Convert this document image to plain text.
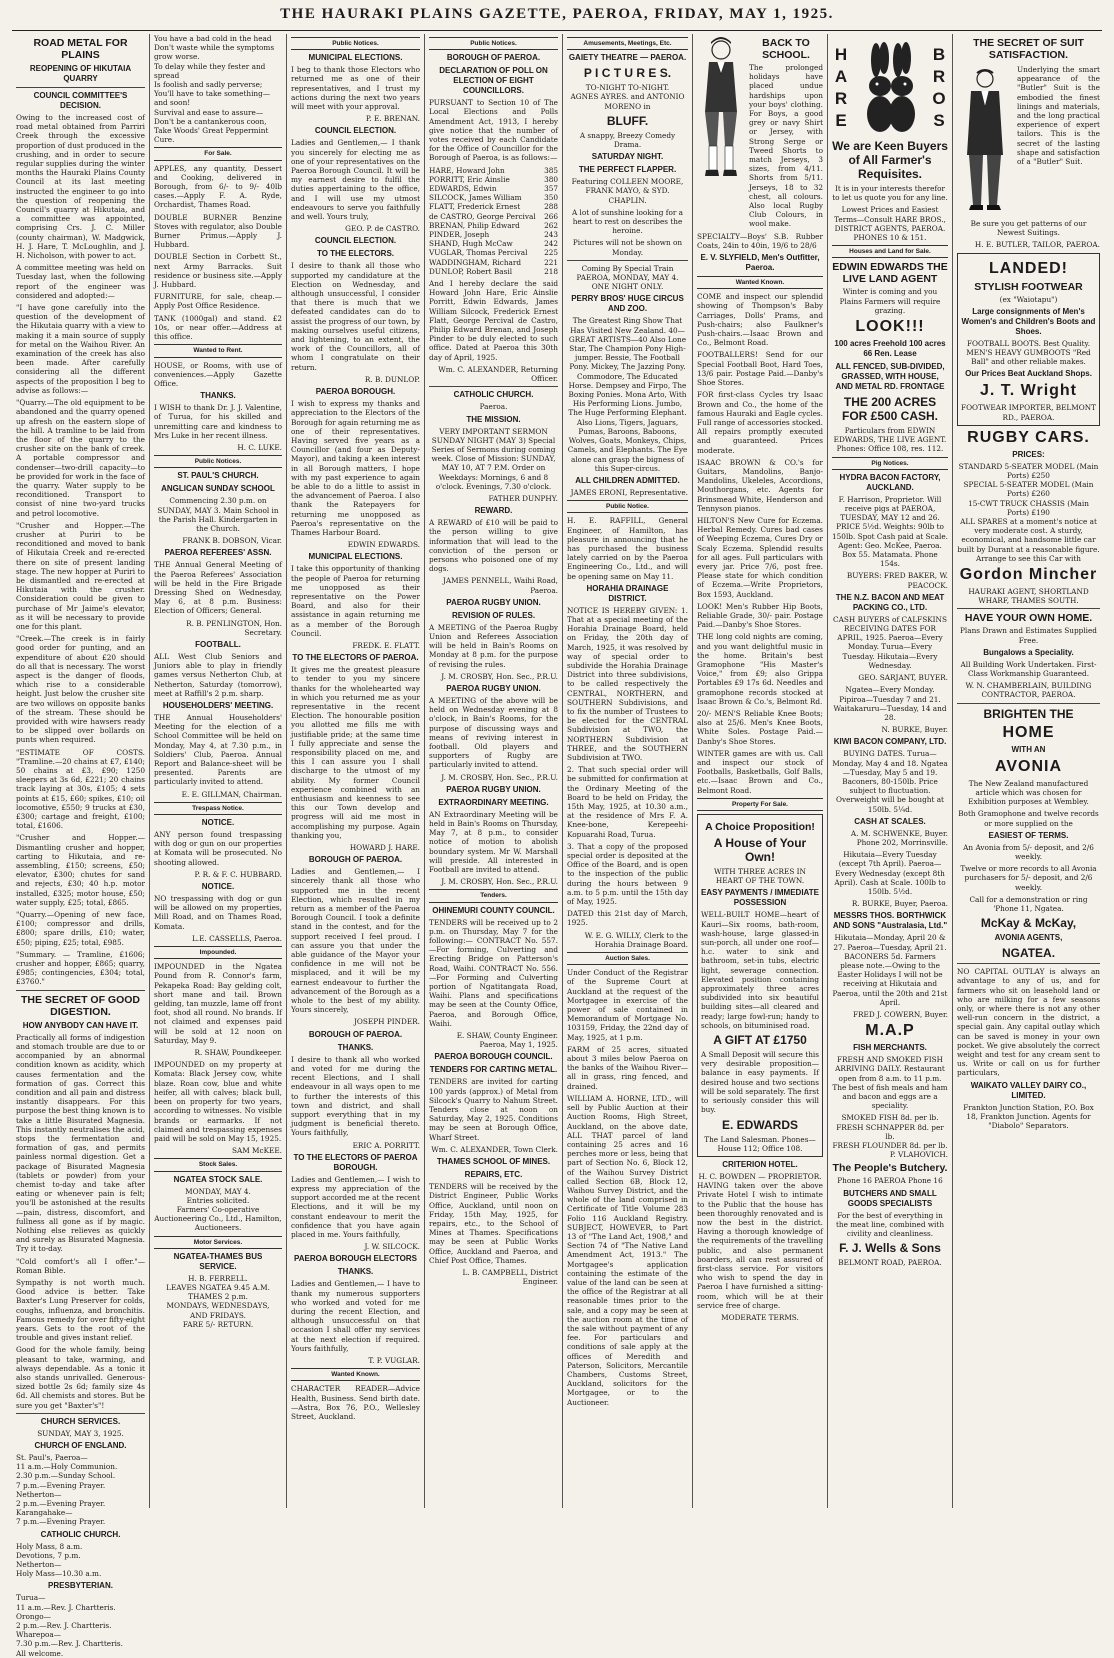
THE HAURAKI PLAINS GAZETTE, PAEROA, FRIDAY, MAY 1, 1925.
ROAD METAL FOR PLAINS
REOPENING OF HIKUTAIA QUARRY
COUNCIL COMMITTEE'S DECISION.

Owing to the increased cost of road metal obtained from Parriri Creek through the excessive proportion of dust produced in the crushing, and in order to secure regular supplies during the winter months the Hauraki Plains County Council at its last meeting instructed the engineer to go into the question of reopening the Council's quarry at Hikutaia, and a committee was appointed, comprising Crs. J. C. Miller (county chairman), W. Madgwick, H. J. Hare, T. McLoughlin, and J. H. Nicholson, with power to act.

A committee meeting was held on Tuesday last, when the following report of the engineer was considered and adopted:—

"I have gone carefully into the question of the development of the Hikutaia quarry with a view to making it a main source of supply for metal on the Waihou River. An examination of the creek has also been made. After carefully considering all the different aspects of the proposition I beg to advise as follows:—

"Quarry.—The old equipment to be abandoned and the quarry opened up afresh on the eastern slope of the hill. A tramline to be laid from the floor of the quarry to the crusher site on the bank of creek. A portable compressor and condenser—two-drill capacity—to be provided for work in the face of the quarry. Water supply to be reconditioned. Transport to consist of nine two-yard trucks and petrol locomotive.

"Crusher and Hopper.—The crusher at Puriri to be reconditioned and moved to bank of Hikutaia Creek and re-erected there on site of present landing stage. The new hopper at Puriri to be dismantled and re-erected at Hikutaia with the crusher. Consideration could be given to purchase of Mr Jaime's elevator, as it will be necessary to provide one for this plant.

"Creek.—The creek is in fairly good order for punting, and an expenditure of about £20 should do all that is necessary. The worst aspect is the danger of floods, which rise to a considerable height. Just below the crusher site are two willows on opposite banks of the stream. These should be provided with wire hawsers ready to be slipped over bollards on punts when required.

"ESTIMATE OF COSTS. "Tramline.—20 chains at £7, £140; 50 chains at £3, £90; 1250 sleepers at 3s 6d, £221; 20 chains track laying at 30s, £105; 4 sets points at £15, £60; spikes, £10; oil locomotive, £550; 9 trucks at £30, £300; cartage and freight, £100; total, £1606.

"Crusher and Hopper.—Dismantling crusher and hopper, carting to Hikutaia, and re-assembling, £150; screens, £50; elevator, £300; chutes for sand and rejects, £30; 40 h.p. motor installed, £325; motor house, £50; water supply, £25; total, £865.

"Quarry.—Opening of new face, £100; compressor and drills, £800; spare drills, £10; water, £50; piping, £25; total, £985.

"Summary. — Tramline, £1606; crusher and hopper, £865; quarry, £985; contingencies, £304; total, £3760."

THE SECRET OF GOOD DIGESTION.
HOW ANYBODY CAN HAVE IT.

Practically all forms of indigestion and stomach trouble are due to or accompanied by an abnormal condition known as acidity, which causes fermentation and the formation of gas. Correct this condition and all pain and distress instantly disappears. For this purpose the best thing known is to take a little Bisurated Magnesia. This instantly neutralises the acid, stops the fermentation and formation of gas, and permits painless normal digestion. Get a package of Bisurated Magnesia (tablets or powder) from your chemist to-day and take after eating or whenever pain is felt; you'll be astonished at the results—pain, distress, discomfort, and fullness all gone as if by magic. Nothing else relieves as quickly and surely as Bisurated Magnesia. Try it to-day.

"Cold comfort's all I offer."—Roman Bible.

Sympathy is not worth much. Good advice is better. Take Baxter's Lung Preserver for colds, coughs, influenza, and bronchitis. Famous remedy for over fifty-eight years. Gets to the root of the trouble and gives instant relief.

Good for the whole family, being pleasant to take, warming, and always dependable. As a tonic it also stands unrivalled. Generous-sized bottle 2s 6d; family size 4s 6d. All chemists and stores. But be sure you get "Baxter's"!

CHURCH SERVICES.
SUNDAY, MAY 3, 1925.
CHURCH OF ENGLAND.
St. Paul's, Paeroa—
11 a.m.—Holy Communion.
2.30 p.m.—Sunday School.
7 p.m.—Evening Prayer.
Netherton—
2 p.m.—Evening Prayer.
Karangahake—
7 p.m.—Evening Prayer.
CATHOLIC CHURCH.
Holy Mass, 8 a.m.
Devotions, 7 p.m.
Netherton—
Holy Mass—10.30 a.m.
PRESBYTERIAN.
Turua—
11 a.m.—Rev. J. Chartteris.
Orongo—
2 p.m.—Rev. J. Chartteris.
Wharepoa—
7.30 p.m.—Rev. J. Chartteris.
All welcome.
You have a bad cold in the head
Don't waste while the symptoms grow worse.
To delay while they fester and spread
Is foolish and sadly perverse;
You'll have to take something—and soon!
Survival and ease to assure—
Don't be a cantankerous coon,
Take Woods' Great Peppermint Cure.
For Sale.

APPLES, any quantity, Dessert and Cooking, delivered in Borough, from 6/- to 9/- 40lb cases.—Apply F. A. Ryde, Orchardist, Thames Road.

DOUBLE BURNER Benzine Stoves with regulator, also Double Burner Primus.—Apply J. Hubbard.

DOUBLE Section in Corbett St., next Army Barracks. Suit residence or business site.—Apply J. Hubbard.

FURNITURE, for sale, cheap.—Apply Post Office Residence.

TANK (1000gal) and stand. £2 10s, or near offer.—Address at this office.

Wanted to Rent.

HOUSE, or Rooms, with use of conveniences.—Apply Gazette Office.

THANKS.

I WISH to thank Dr. J. J. Valentine, of Turua, for his skilled and unremitting care and kindness to Mrs Luke in her recent illness.

H. C. LUKE.

Public Notices.
ST. PAUL'S CHURCH.
ANGLICAN SUNDAY SCHOOL

Commencing 2.30 p.m. on SUNDAY, MAY 3. Main School in the Parish Hall. Kindergarten in the Church.

FRANK B. DOBSON, Vicar.

PAEROA REFEREES' ASSN.

THE Annual General Meeting of the Paeroa Referees' Association will be held in the Fire Brigade Dressing Shed on Wednesday, May 6, at 8 p.m. Business: Election of Officers; General.

R. B. PENLINGTON, Hon. Secretary.

FOOTBALL.

ALL West Club Seniors and Juniors able to play in friendly games versus Netherton Club, at Netherton, Saturday (tomorrow), meet at Raffill's 2 p.m. sharp.

HOUSEHOLDERS' MEETING.

THE Annual Householders' Meeting for the election of a School Committee will be held on Monday, May 4, at 7.30 p.m., in Soldiers' Club, Paeroa. Annual Report and Balance-sheet will be presented. Parents are particularly invited to attend.

E. E. GILLMAN, Chairman.

Trespass Notice.
NOTICE.

ANY person found trespassing with dog or gun on our properties at Komata will be prosecuted. No shooting allowed.

P. R. & F. C. HUBBARD.

NOTICE.

NO trespassing with dog or gun will be allowed on my properties, Mill Road, and on Thames Road, Komata.

L.E. CASSELLS, Paeroa.

Impounded.

IMPOUNDED in the Ngatea Pound from R. Connor's farm, Pekapeka Road: Bay gelding colt, short mane and tail. Brown gelding, tan muzzle, lame off front foot, shod all round. No brands. If not claimed and expenses paid will be sold at 12 noon on Saturday, May 9.

R. SHAW, Poundkeeper.

IMPOUNDED on my property at Komata: Black Jersey cow, white blaze. Roan cow, blue and white heifer, all with calves; black bull, been on property for two years, according to witnesses. No visible brands or earmarks. If not claimed and trespassing expenses paid will be sold on May 15, 1925.

SAM McKEE.

Stock Sales.
NGATEA STOCK SALE.
MONDAY, MAY 4.
Entries solicited.

Farmers' Co-operative Auctioneering Co., Ltd., Hamilton, Auctioneers.

Motor Services.
NGATEA-THAMES BUS SERVICE.
H. B. FERRELL.
LEAVES NGATEA 9.45 A.M.
THAMES 2 p.m.
MONDAYS, WEDNESDAYS,
AND FRIDAYS.
FARE 5/- RETURN.
Public Notices.
MUNICIPAL ELECTIONS.

I beg to thank those Electors who returned me as one of their representatives, and I trust my actions during the next two years will meet with your approval.

P. E. BRENAN.

COUNCIL ELECTION.

Ladies and Gentlemen,— I thank you sincerely for electing me as one of your representatives on the Paeroa Borough Council. It will be my earnest desire to fulfil the duties appertaining to the office, and I will use my utmost endeavours to serve you faithfully and well. Yours truly,

GEO. P. de CASTRO.

COUNCIL ELECTION.
TO THE ELECTORS.

I desire to thank all those who supported my candidature at the Election on Wednesday, and although unsuccessful, I consider that there is much that we defeated candidates can do to assist the progress of our town, by making ourselves useful citizens, and lightening, to an extent, the work of the Councillors, all of whom I congratulate on their return.

R. B. DUNLOP.

PAEROA BOROUGH.

I wish to express my thanks and appreciation to the Electors of the Borough for again returning me as one of their representatives. Having served five years as a Councillor (and four as Deputy-Mayor), and taking a keen interest in all Borough matters, I hope with my past experience to again be able to do a little to assist in the advancement of Paeroa. I also thank the Ratepayers for returning me unopposed as Paeroa's representative on the Thames Harbour Board.

EDWIN EDWARDS.

MUNICIPAL ELECTIONS.

I take this opportunity of thanking the people of Paeroa for returning me unopposed as their representative on the Power Board, and also for their assistance in again returning me as a member of the Borough Council.

FREDK. E. FLATT.

TO THE ELECTORS OF PAEROA.

It gives me the greatest pleasure to tender to you my sincere thanks for the wholehearted way in which you returned me as your representative in the recent Election. The honourable position you allotted me fills me with justifiable pride; at the same time I fully appreciate and sense the responsibility placed on me, and this I can assure you I shall discharge to the utmost of my ability. My former Council experience combined with an enthusiasm and keenness to see this our Town develop and progress will aid me most in accomplishing my purpose. Again thanking you,

HOWARD J. HARE.

BOROUGH OF PAEROA.

Ladies and Gentlemen,— I sincerely thank all those who supported me in the recent Election, which resulted in my return as a member of the Paeroa Borough Council. I took a definite stand in the contest, and for the support received I feel proud. I can assure you that under the able guidance of the Mayor your confidence in me will not be misplaced, and it will be my earnest endeavour to further the advancement of the Borough as a whole to the best of my ability. Yours sincerely,

JOSEPH PINDER.

BOROUGH OF PAEROA.
THANKS.

I desire to thank all who worked and voted for me during the recent Elections, and I shall endeavour in all ways open to me to further the interests of this town and district, and shall support everything that in my judgment is beneficial thereto. Yours faithfully,

ERIC A. PORRITT.

TO THE ELECTORS OF PAEROA BOROUGH.

Ladies and Gentlemen,— I wish to express my appreciation of the support accorded me at the recent Elections, and it will be my constant endeavour to merit the confidence that you have again placed in me. Yours faithfully,

J. W. SILCOCK.

PAEROA BOROUGH ELECTORS
THANKS.

Ladies and Gentlemen,— I have to thank my numerous supporters who worked and voted for me during the recent Election, and although unsuccessful on that occasion I shall offer my services at the next election if required. Yours faithfully,

T. P. VUGLAR.

Wanted Known.

CHARACTER READER—Advice Health, Business. Send birth date.—Astra, Box 76, P.O., Wellesley Street, Auckland.

Public Notices.
BOROUGH OF PAEROA.
DECLARATION OF POLL ON ELECTION OF EIGHT COUNCILLORS.

PURSUANT to Section 10 of The Local Elections and Polls Amendment Act, 1913, I hereby give notice that the number of votes received by each Candidate for the Office of Councillor for the Borough of Paeroa, is as follows:—

HARE, Howard John	385
PORRITT, Eric Ainslie	380
EDWARDS, Edwin	357
SILCOCK, James William	350
FLATT, Frederick Ernest	288
de CASTRO, George Percival 266
BRENAN, Philip Edward	262
PINDER, Joseph	243
SHAND, Hugh McCaw	242
VUGLAR, Thomas Percival 225
WADDINGHAM, Richard	221
DUNLOP, Robert Basil	218

And I hereby declare the said Howard John Hare, Eric Ainslie Porritt, Edwin Edwards, James William Silcock, Frederick Ernest Flatt, George Percival de Castro, Philip Edward Brenan, and Joseph Pinder to be duly elected to such office. Dated at Paeroa this 30th day of April, 1925.

Wm. C. ALEXANDER, Returning Officer.

CATHOLIC CHURCH.
Paeroa.
THE MISSION.

VERY IMPORTANT SERMON SUNDAY NIGHT (MAY 3) Special Series of Sermons during coming week. Close of Mission: SUNDAY, MAY 10, AT 7 P.M. Order on Weekdays: Mornings, 6 and 8 o'clock. Evenings, 7.30 o'clock.

FATHER DUNPHY.

REWARD.

A REWARD of £10 will be paid to the person willing to give information that will lead to the conviction of the person or persons who poisoned one of my dogs.

JAMES PENNELL, Waihi Road, Paeroa.

PAEROA RUGBY UNION.
REVISION OF RULES.

A MEETING of the Paeroa Rugby Union and Referees Association will be held in Bain's Rooms on Monday at 8 p.m. for the purpose of revising the rules.

J. M. CROSBY, Hon. Sec., P.R.U.

PAEROA RUGBY UNION.

A MEETING of the above will be held on Wednesday evening at 8 o'clock, in Bain's Rooms, for the purpose of discussing ways and means of reviving interest in football. Old players and supporters of Rugby are particularly invited to attend.

J. M. CROSBY, Hon. Sec., P.R.U.

PAEROA RUGBY UNION.
EXTRAORDINARY MEETING.

AN Extraordinary Meeting will be held in Bain's Rooms on Thursday, May 7, at 8 p.m., to consider notice of motion to abolish boundary system. Mr W. Marshall will preside. All interested in Football are invited to attend.

J. M. CROSBY, Hon. Sec., P.R.U.

Tenders.
OHINEMURI COUNTY COUNCIL.

TENDERS will be received up to 2 p.m. on Thursday, May 7 for the following:— CONTRACT No. 557.—For forming, Culverting and Erecting Bridge on Patterson's Road, Waihi. CONTRACT No. 556.—For Forming and Culverting portion of Ngatitangata Road, Waihi. Plans and specifications may be seen at the County Office, Paeroa, and Borough Office, Waihi.

E. SHAW, County Engineer. Paeroa, May 1, 1925.

PAEROA BOROUGH COUNCIL.
TENDERS FOR CARTING METAL.

TENDERS are invited for carting 100 yards (approx.) of Metal from Silcock's Quarry to Nahum Street. Tenders close at noon on Saturday, May 2, 1925. Conditions may be seen at Borough Office, Wharf Street.

Wm. C. ALEXANDER, Town Clerk.

THAMES SCHOOL OF MINES.
REPAIRS, ETC.

TENDERS will be received by the District Engineer, Public Works Office, Auckland, until noon on Friday, 15th May, 1925, for repairs, etc., to the School of Mines at Thames. Specifications may be seen at Public Works Office, Auckland and Paeroa, and Chief Post Office, Thames.

L. B. CAMPBELL, District Engineer.

Amusements, Meetings, Etc.
GAIETY THEATRE — PAEROA.
P I C T U R E S.
TO-NIGHT TO-NIGHT.

AGNES AYRES. and ANTONIO MORENO in

BLUFF.

A snappy, Breezy Comedy Drama.

SATURDAY NIGHT.
THE PERFECT FLAPPER.

Featuring COLLEEN MOORE, FRANK MAYO, & SYD. CHAPLIN.

A lot of sunshine looking for a heart to rest on describes the heroine.

Pictures will not be shown on Monday.

Coming By Special Train PAEROA, MONDAY, MAY 4. ONE NIGHT ONLY.

PERRY BROS' HUGE CIRCUS AND ZOO.

The Greatest Ring Show That Has Visited New Zealand. 40—GREAT ARTISTS—40 Also Lone Star, The Champion Pony High-jumper. Bessie, The Football Pony. Mickey, The Jazzing Pony. Commodore, The Educated Horse. Dempsey and Firpo, The Boxing Ponies. Mona Arto, With His Performing Lions. Jumbo, The Huge Performing Elephant. Also Lions, Tigers, Jaguars, Pumas, Baroons, Baboons, Wolves, Goats, Monkeys, Chips, Camels, and Elephants. The Eye alone can grasp the bigness of this Super-circus.

ALL CHILDREN ADMITTED.

JAMES ERONI, Representative.

Public Notice.

H. E. RAFFILL, General Engineer, of Hamilton, has pleasure in announcing that he has purchased the business lately carried on by the Paeroa Engineering Co., Ltd., and will be opening same on May 11.

HORAHIA DRAINAGE DISTRICT.

NOTICE IS HEREBY GIVEN: 1. That at a special meeting of the Horahia Drainage Board, held on Friday, the 20th day of March, 1925, it was resolved by way of special order to subdivide the Horahia Drainage District into three subdivisions, to be called respectively the CENTRAL, NORTHERN, and SOUTHERN Subdivisions, and to fix the number of Trustees to be elected for the CENTRAL Subdivision at TWO, the NORTHERN Subdivision at THREE, and the SOUTHERN Subdivision at TWO.

2. That such special order will be submitted for confirmation at the Ordinary Meeting of the Board to be held on Friday, the 15th May, 1925, at 10.30 a.m., at the residence of Mrs F. A. Knee-bone, Kerepeehi-Kopuarahi Road, Turua.

3. That a copy of the proposed special order is deposited at the Office of the Board, and is open to the inspection of the public during the hours between 9 a.m. to 5 p.m. until the 15th day of May, 1925.

DATED this 21st day of March, 1925.

W. E. G. WILLY, Clerk to the Horahia Drainage Board.

Auction Sales.

Under Conduct of the Registrar of the Supreme Court at Auckland at the request of the Mortgagee in exercise of the power of sale contained in Memorandum of Mortgage No. 103159, Friday, the 22nd day of May, 1925, at 1 p.m.

FARM of 25 acres, situated about 3 miles below Paeroa on the banks of the Waihou River—all in grass, ring fenced, and drained.

WILLIAM A. HORNE, LTD., will sell by Public Auction at their Auction Rooms, High Street, Auckland, on the above date, ALL THAT parcel of land containing 25 acres and 16 perches more or less, being that part of Section No. 6, Block 12, of the Waihou Survey District called Section 6B, Block 12, Waihou Survey District, and the whole of the land comprised in Certificate of Title Volume 283 Folio 116 Auckland Registry. SUBJECT, HOWEVER, to Part 13 of "The Land Act, 1908," and Section 74 of "The Native Land Amendment Act, 1913." The Mortgagee's application containing the estimate of the value of the land can be seen at the office of the Registrar at all reasonable times prior to the sale, and a copy may be seen at the auction room at the time of the sale without payment of any fee. For particulars and conditions of sale apply at the offices of Meredith and Paterson, Solicitors, Mercantile Chambers, Customs Street, Auckland, solicitors for the Mortgagee, or to the Auctioneer.

BACK TO SCHOOL.

The prolonged holidays have placed undue hardships upon your boys' clothing. For Boys, a good grey or navy Shirt or Jersey, with Strong Serge or Tweed Shorts to match Jerseys, 3 sizes, from 4/11. Shorts from 5/11. Jerseys, 18 to 32 chest, all colours. Also local Rugby Club Colours, in wool make.

SPECIALTY—Boys' S.B. Rubber Coats, 24in to 40in, 19/6 to 28/6

E. V. SLYFIELD, Men's Outfitter, Paeroa.
Wanted Known.

COME and inspect our splendid showing of Thompson's Baby Carriages, Dolls' Prams, and Push-chairs; also Faulkner's Push-chairs.—Isaac Brown and Co., Belmont Road.

FOOTBALLERS! Send for our Special Football Boot, Hard Toes, 13/6 pair. Postage Paid.—Danby's Shoe Stores.

FOR first-class Cycles try Isaac Brown and Co., the home of the famous Hauraki and Eagle cycles. Full range of accessories stocked. All repairs promptly executed and guaranteed. Prices moderate.

ISAAC BROWN & CO.'s for Guitars, Mandolins, Banjo-Mandolins, Ukeleles, Accordions, Mouthorgans, etc. Agents for Brinsmead White, Henderson and Tennyson pianos.

HILTON'S New Cure for Eczema. Herbal Remedy. Cures bad cases of Weeping Eczema, Cures Dry or Scaly Eczema. Splendid results for all ages. Full particulars with every jar. Price 7/6, post free. Please state for which condition of Eczema.—Write Proprietors, Box 1593, Auckland.

LOOK! Men's Rubber Hip Boots, Reliable Grade, 30/- pair. Postage Paid.—Danby's Shoe Stores.

THE long cold nights are coming, and you want delightful music in the home. Britain's best Gramophone "His Master's Voice," from £9; also Grippa Portables £9 17s 6d. Needles and gramophone records stocked at Isaac Brown & Co.'s, Belmont Rd.

20/- MEN'S Reliable Knee Boots; also at 25/6. Men's Knee Boots, White Soles. Postage Paid.—Danby's Shoe Stores.

WINTER games are with us. Call and inspect our stock of Footballs, Basketballs, Golf Balls, etc.—Isaac Brown and Co., Belmont Road.

Property For Sale.
A Choice Proposition!
A House of Your Own!

WITH THREE ACRES IN HEART OF THE TOWN.

EASY PAYMENTS / IMMEDIATE POSSESSION

WELL-BUILT HOME—heart of Kauri—Six rooms, bath-room, wash-house, large glassed-in sun-porch, all under one roof—h.c. water to sink and bathroom, set-in tubs, electric light, sewerage connection. Elevated position containing approximately three acres subdivided into six beautiful building sites—all cleared and ready; large fowl-run; handy to schools, on bituminised road.

A GIFT AT £1750

A Small Deposit will secure this very desirable proposition—balance in easy payments. If desired house and two sections will be sold separately. The first to seriously consider this will buy.

E. EDWARDS
The Land Salesman. Phones—House 112; Office 108.
CRITERION HOTEL.
H. C. BOWDEN — PROPRIETOR.

HAVING taken over the above Private Hotel I wish to intimate to the Public that the house has been thoroughly renovated and is now the best in the district. Having a thorough knowledge of the requirements of the travelling public, and also permanent boarders, all can rest assured of first-class service. For visitors who wish to spend the day in Paeroa I have furnished a sitting-room, which will be at their service free of charge.

MODERATE TERMS.
H
A
R
E
B
R
O
S
We are Keen Buyers of All Farmer's Requisites.

It is in your interests therefor to let us quote you for any line.

Lowest Prices and Easiest Terms—Consult HARE BROS., DISTRICT AGENTS, PAEROA. PHONES 10 & 151.

Houses and Land for Sale.
EDWIN EDWARDS THE LIVE LAND AGENT

Winter is coming and you Plains Farmers will require grazing.

LOOK!!!
100 acres Freehold 100 acres 66 Ren. Lease
ALL FENCED, SUB-DIVIDED, GRASSED, WITH HOUSE, AND METAL RD. FRONTAGE
THE 200 ACRES FOR £500 CASH.

Particulars from EDWIN EDWARDS, THE LIVE AGENT. Phones: Office 108, res. 112.

Pig Notices.
HYDRA BACON FACTORY, AUCKLAND.

F. Harrison, Proprietor. Will receive pigs at PAEROA, TUESDAY, MAY 12 and 26. PRICE 5½d. Weights: 90lb to 150lb. Spot Cash paid at Scale. Agent: Geo. McKee, Paeroa. Box 55. Matamata. Phone 154s.

BUYERS: FRED BAKER, W. PEACOCK.

THE N.Z. BACON AND MEAT PACKING CO., LTD.

CASH BUYERS of CALFSKINS RECEIVING DATES FOR APRIL, 1925. Paeroa—Every Monday. Turua—Every Tuesday. Hikutaia—Every Wednesday.

GEO. SARJANT, BUYER.

Ngatea—Every Monday. Pipiroa—Tuesday 7 and 21. Waitakaruru—Tuesday, 14 and 28.

N. BURKE, Buyer.

KIWI BACON COMPANY, LTD.

BUYING DATES. Turua—Monday, May 4 and 18. Ngatea—Tuesday, May 5 and 19. Baconers, 80-150lb. Price subject to fluctuation. Overweight will be bought at 150lb. 5¼d.

CASH AT SCALES.

A. M. SCHWENKE, Buyer. Phone 202, Morrinsville.

Hikutaia—Every Tuesday (except 7th April). Paeroa—Every Wednesday (except 8th April). Cash at Scale. 100lb to 150lb. 5½d.

R. BURKE, Buyer, Paeroa.

MESSRS THOS. BORTHWICK AND SONS "Australasia, Ltd."

Hikutaia—Monday, April 20 & 27. Paeroa—Tuesday, April 21. BACONERS 5d. Farmers please note.—Owing to the Easter Holidays I will not be receiving at Hikutaia and Paeroa, until the 20th and 21st April.

FRED J. COWERN, Buyer.

M.A.P
FISH MERCHANTS.

FRESH AND SMOKED FISH ARRIVING DAILY. Restaurant open from 8 a.m. to 11 p.m. The best of fish meals and ham and bacon and eggs are a speciality.

SMOKED FISH 8d. per lb.
FRESH SCHNAPPER 8d. per lb.
FRESH FLOUNDER 8d. per lb.

P. VLAHOVICH.

The People's Butchery.
Phone 16 PAEROA Phone 16
BUTCHERS AND SMALL GOODS SPECIALISTS

For the best of everything in the meat line, combined with civility and cleanliness.

F. J. Wells & Sons
BELMONT ROAD, PAEROA.
THE SECRET OF SUIT SATISFACTION.

Underlying the smart appearance of the "Butler" Suit is the embodied the finest linings and materials, and the long practical experience of expert tailors. This is the secret of the lasting shape and satisfaction of a "Butler" Suit.

Be sure you get patterns of our Newest Suitings.

H. E. BUTLER, TAILOR, PAEROA.

LANDED!
STYLISH FOOTWEAR
(ex "Waiotapu")
Large consignments of Men's Women's and Children's Boots and Shoes.

FOOTBALL BOOTS. Best Quality. MEN'S HEAVY GUMBOOTS "Red Ball" and other reliable makes.

Our Prices Beat Auckland Shops.
J. T. Wright
FOOTWEAR IMPORTER, BELMONT RD., PAEROA.
RUGBY CARS.
PRICES:
STANDARD 5-SEATER MODEL (Main Ports) £250
SPECIAL 5-SEATER MODEL (Main Ports) £260
15-CWT TRUCK CHASSIS (Main Ports) £190

ALL SPARES at a moment's notice at very moderate cost. A sturdy, economical, and handsome little car built by Durant at a reasonable figure. Arrange to see this Car with

Gordon Mincher
HAURAKI AGENT, SHORTLAND WHARF, THAMES SOUTH.
HAVE YOUR OWN HOME.

Plans Drawn and Estimates Supplied Free.

Bungalows a Speciality.

All Building Work Undertaken. First-Class Workmanship Guaranteed.

W. N. CHAMBERLAIN, BUILDING CONTRACTOR, PAEROA.

BRIGHTEN THE
HOME
WITH AN
AVONIA

The New Zealand manufactured article which was chosen for Exhibition purposes at Wembley.

Both Gramophone and twelve records or more supplied on the

EASIEST OF TERMS.

An Avonia from 5/- deposit, and 2/6 weekly.

Twelve or more records to all Avonia purchasers for 5/- deposit, and 2/6 weekly.

Call for a demonstration or ring 'Phone 11, Ngatea.

McKay & McKay,
AVONIA AGENTS,
NGATEA.

NO CAPITAL OUTLAY is always an advantage to any of us, and for farmers who sit on leasehold land or who are milking for a few seasons only, or where there is not any other well-run concern in the district, a special gain. Any capital outlay which can be saved is money in your own pocket. We give absolutely the correct weight and test for any cream sent to us. Write or call on us for further particulars,

WAIKATO VALLEY DAIRY CO., LIMITED.

Frankton Junction Station, P.O. Box 18, Frankton Junction. Agents for "Diabolo" Separators.
